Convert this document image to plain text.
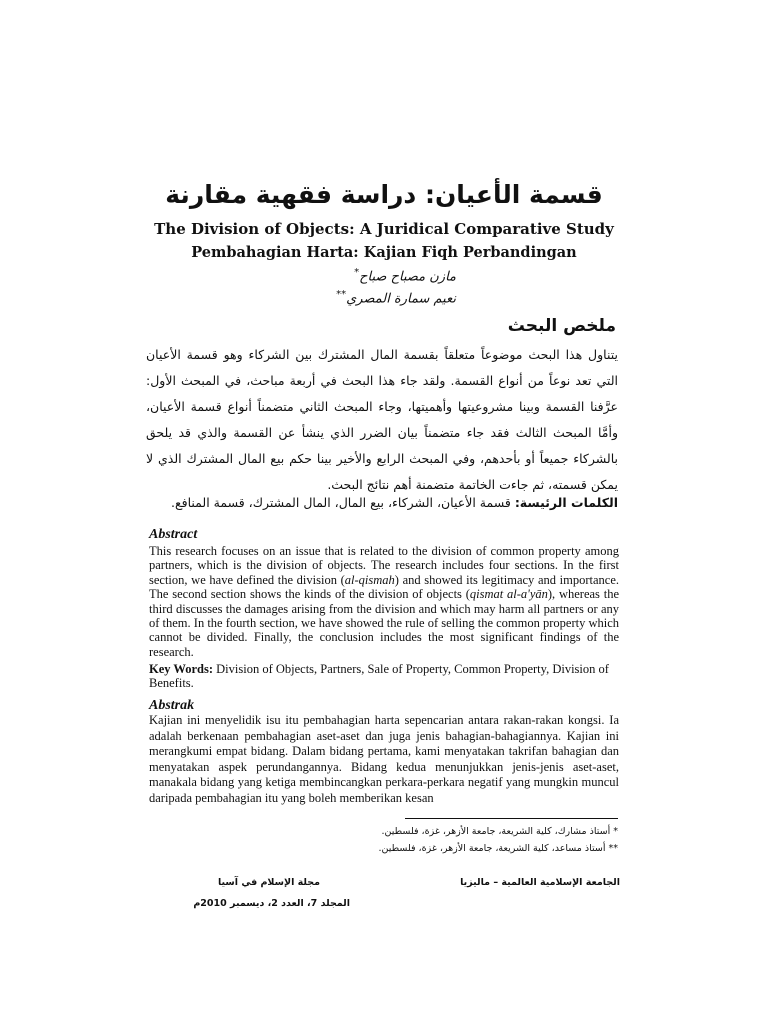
قسمة الأعيان: دراسة فقهية مقارنة
The Division of Objects: A Juridical Comparative Study
Pembahagian Harta: Kajian Fiqh Perbandingan
مازن مصباح صباح*
نعيم سمارة المصري**
ملخص البحث
يتناول هذا البحث موضوعاً متعلقاً بقسمة المال المشترك بين الشركاء وهو قسمة الأعيان التي تعد نوعاً من أنواع القسمة. ولقد جاء هذا البحث في أربعة مباحث، في المبحث الأول: عرَّفنا القسمة وبينا مشروعيتها وأهميتها، وجاء المبحث الثاني متضمناً أنواع قسمة الأعيان، وأمَّا المبحث الثالث فقد جاء متضمناً بيان الضرر الذي ينشأ عن القسمة والذي قد يلحق بالشركاء جميعاً أو بأحدهم، وفي المبحث الرابع والأخير بينا حكم بيع المال المشترك الذي لا يمكن قسمته، ثم جاءت الخاتمة متضمنة أهم نتائج البحث.
الكلمات الرئيسة: قسمة الأعيان، الشركاء، بيع المال، المال المشترك، قسمة المنافع.
Abstract
This research focuses on an issue that is related to the division of common property among partners, which is the division of objects. The research includes four sections. In the first section, we have defined the division (al-qismah) and showed its legitimacy and importance. The second section shows the kinds of the division of objects (qismat al-a'yān), whereas the third discusses the damages arising from the division and which may harm all partners or any of them. In the fourth section, we have showed the rule of selling the common property which cannot be divided. Finally, the conclusion includes the most significant findings of the research.
Key Words: Division of Objects, Partners, Sale of Property, Common Property, Division of Benefits.
Abstrak
Kajian ini menyelidik isu itu pembahagian harta sepencarian antara rakan-rakan kongsi. Ia adalah berkenaan pembahagian aset-aset dan juga jenis bahagian-bahagiannya. Kajian ini merangkumi empat bidang. Dalam bidang pertama, kami menyatakan takrifan bahagian dan menyatakan aspek perundangannya. Bidang kedua menunjukkan jenis-jenis aset-aset, manakala bidang yang ketiga membincangkan perkara-perkara negatif yang mungkin muncul daripada pembahagian itu yang boleh memberikan kesan
* أستاذ مشارك، كلية الشريعة، جامعة الأزهر، غزة، فلسطين.
** أستاذ مساعد، كلية الشريعة، جامعة الأزهر، غزة، فلسطين.
الجامعة الإسلامية العالمية – ماليزيا
مجلة الإسلام في آسيا
المجلد 7، العدد 2، ديسمبر 2010م
